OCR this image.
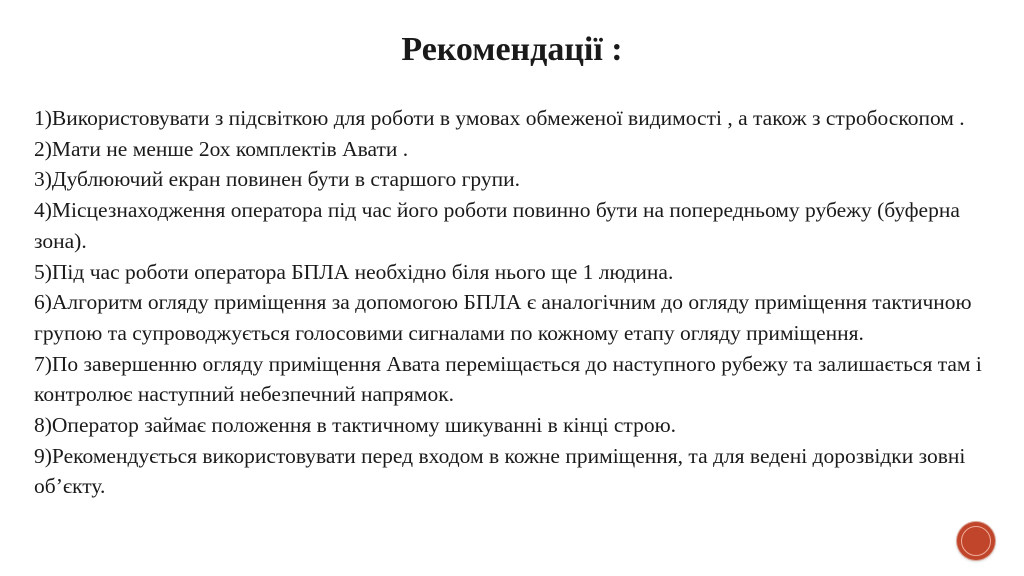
Рекомендації :

1)Використовувати з підсвіткою для роботи в умовах обмеженої видимості , а також з стробоскопом .

2)Мати не менше 2ох комплектів Авати .

3)Дублюючий екран повинен бути в старшого групи.

4)Місцезнаходження оператора під час його роботи повинно бути на попередньому рубежу (буферна зона).

5)Під час роботи оператора БПЛА необхідно біля нього ще 1 людина.

6)Алгоритм огляду приміщення за допомогою БПЛА є аналогічним до огляду приміщення тактичною групою та супроводжується голосовими сигналами по кожному етапу огляду приміщення.

7)По завершенню огляду приміщення Авата переміщається до наступного рубежу та залишається там і контролює наступний небезпечний напрямок.

8)Оператор займає положення в тактичному шикуванні в кінці строю.

9)Рекомендується використовувати перед входом в кожне приміщення, та для ведені дорозвідки зовні об’єкту.
